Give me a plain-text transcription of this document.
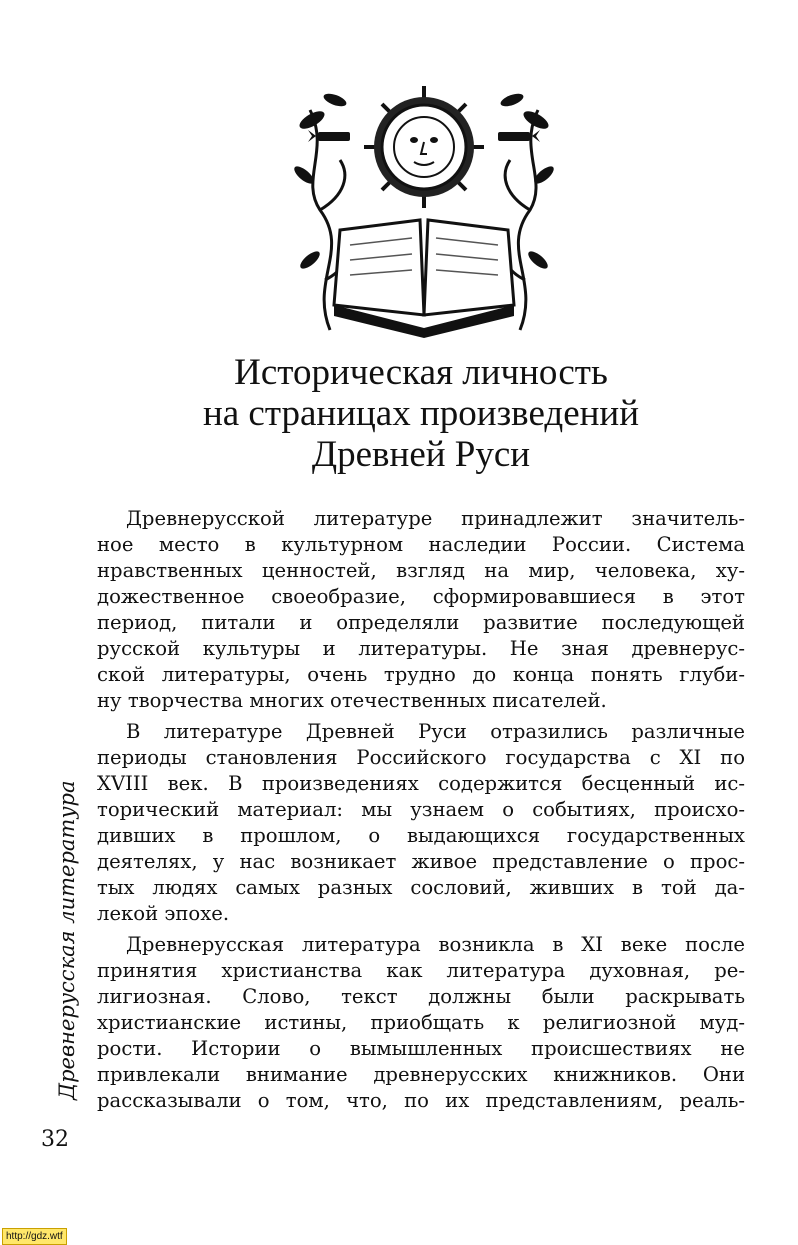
Историческая личность
на страницах произведений
Древней Руси

Древнерусской литературе принадлежит значитель-
ное место в культурном наследии России. Система
нравственных ценностей, взгляд на мир, человека, ху-
дожественное своеобразие, сформировавшиеся в этот
период, питали и определяли развитие последующей
русской культуры и литературы. Не зная древнерус-
ской литературы, очень трудно до конца понять глуби-
ну творчества многих отечественных писателей.

В литературе Древней Руси отразились различные
периоды становления Российского государства с XI по
XVIII век. В произведениях содержится бесценный ис-
торический материал: мы узнаем о событиях, происхо-
дивших в прошлом, о выдающихся государственных
деятелях, у нас возникает живое представление о прос-
тых людях самых разных сословий, живших в той да-
лекой эпохе.

Древнерусская литература возникла в XI веке после
принятия христианства как литература духовная, ре-
лигиозная. Слово, текст должны были раскрывать
христианские истины, приобщать к религиозной муд-
рости. Истории о вымышленных происшествиях не
привлекали внимание древнерусских книжников. Они
рассказывали о том, что, по их представлениям, реаль-

Древнерусская литература
32
http://gdz.wtf
